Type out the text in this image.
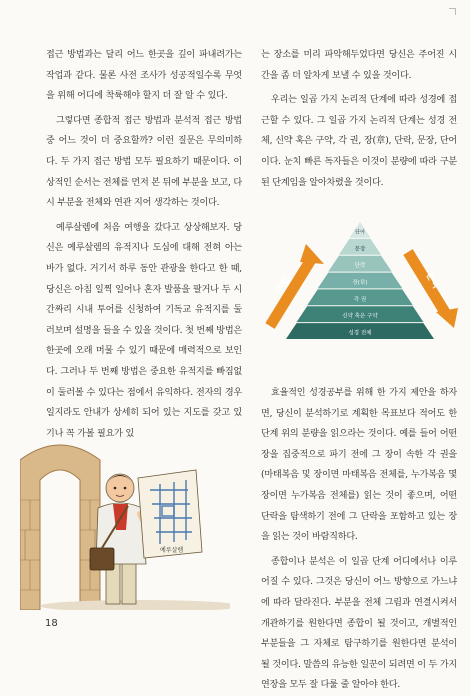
접근 방법과는 달리 어느 한곳을 깊이 파내려가는 작업과 같다. 물론 사전 조사가 성공적일수록 무엇을 위해 어디에 착륙해야 할지 더 잘 알 수 있다.

그렇다면 종합적 접근 방법과 분석적 접근 방법 중 어느 것이 더 중요할까? 이런 질문은 무의미하다. 두 가지 접근 방법 모두 필요하기 때문이다. 이상적인 순서는 전체를 먼저 본 뒤에 부분을 보고, 다시 부분을 전체와 연관 지어 생각하는 것이다.

예루살렘에 처음 여행을 갔다고 상상해보자. 당신은 예루살렘의 유적지나 도심에 대해 전혀 아는 바가 없다. 거기서 하루 동안 관광을 한다고 한 때, 당신은 아침 일찍 일어나 혼자 발품을 팔거나 두 시간짜리 시내 투어를 신청하여 기독교 유적지를 둘러보며 설명을 들을 수 있을 것이다. 첫 번째 방법은 한곳에 오래 머물 수 있기 때문에 매력적으로 보인다. 그러나 두 번째 방법은 중요한 유적지를 빠짐없이 둘러볼 수 있다는 점에서 유익하다. 전자의 경우일지라도 안내가 상세히 되어 있는 지도를 갖고 있기나 꼭 가볼 필요가 있

는 장소를 미리 파악해두었다면 당신은 주어진 시간을 좀 더 알차게 보낼 수 있을 것이다.

우리는 일곱 가지 논리적 단계에 따라 성경에 접근할 수 있다. 그 일곱 가지 논리적 단계는 성경 전체, 신약 혹은 구약, 각 권, 장(章), 단락, 문장, 단어이다. 눈치 빠른 독자들은 이것이 분량에 따라 구분된 단계임을 알아차렸을 것이다.

단어
문장
단락
장(章)
각 권
신약 혹은 구약
성경 전체
종합	분석

효율적인 성경공부를 위해 한 가지 제안을 하자면, 당신이 분석하기로 계획한 목표보다 적어도 한 단계 위의 분량을 읽으라는 것이다. 예를 들어 어떤 장을 집중적으로 파기 전에 그 장이 속한 각 권을(마태복음 및 장이면 마태복음 전체를, 누가복음 몇 장이면 누가복음 전체를) 읽는 것이 좋으며, 어떤 단락을 탐색하기 전에 그 단락을 포함하고 있는 장을 읽는 것이 바람직하다.

종합이나 분석은 이 일곱 단계 어디에서나 이루어질 수 있다. 그것은 당신이 어느 방향으로 가느냐에 따라 달라진다. 부분을 전체 그림과 연결시켜서 개관하기를 원한다면 종합이 될 것이고, 개별적인 부분들을 그 자체로 탐구하기를 원한다면 분석이 될 것이다. 말씀의 유능한 일꾼이 되려면 이 두 가지 연장을 모두 잘 다룰 줄 알아야 한다.

예루살렘
18
